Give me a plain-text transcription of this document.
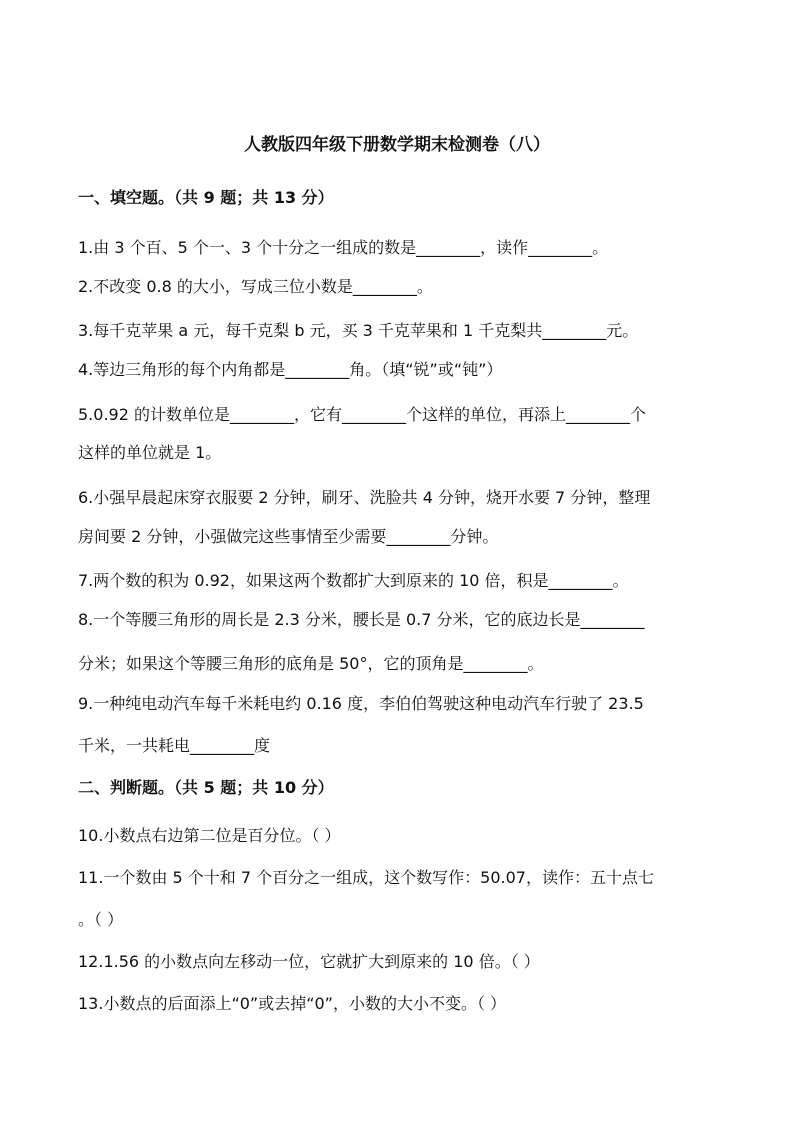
人教版四年级下册数学期末检测卷（八）
一、填空题。（共 9 题；共 13 分）
1.由 3 个百、5 个一、3 个十分之一组成的数是________，读作________。
2.不改变 0.8 的大小，写成三位小数是________。
3.每千克苹果 a 元，每千克梨 b 元，买 3 千克苹果和 1 千克梨共________元。
4.等边三角形的每个内角都是________角。（填“锐”或“钝”）
5.0.92 的计数单位是________，它有________个这样的单位，再添上________个
这样的单位就是 1。
6.小强早晨起床穿衣服要 2 分钟，刷牙、洗脸共 4 分钟，烧开水要 7 分钟，整理
房间要 2 分钟，小强做完这些事情至少需要________分钟。
7.两个数的积为 0.92，如果这两个数都扩大到原来的 10 倍，积是________。
8.一个等腰三角形的周长是 2.3 分米，腰长是 0.7 分米，它的底边长是________
分米；如果这个等腰三角形的底角是 50°，它的顶角是________。
9.一种纯电动汽车每千米耗电约 0.16 度，李伯伯驾驶这种电动汽车行驶了 23.5
千米，一共耗电________度
二、判断题。（共 5 题；共 10 分）
10.小数点右边第二位是百分位。（ ）
11.一个数由 5 个十和 7 个百分之一组成，这个数写作：50.07，读作：五十点七
。（ ）
12.1.56 的小数点向左移动一位，它就扩大到原来的 10 倍。（ ）
13.小数点的后面添上“0”或去掉“0”，小数的大小不变。（ ）
